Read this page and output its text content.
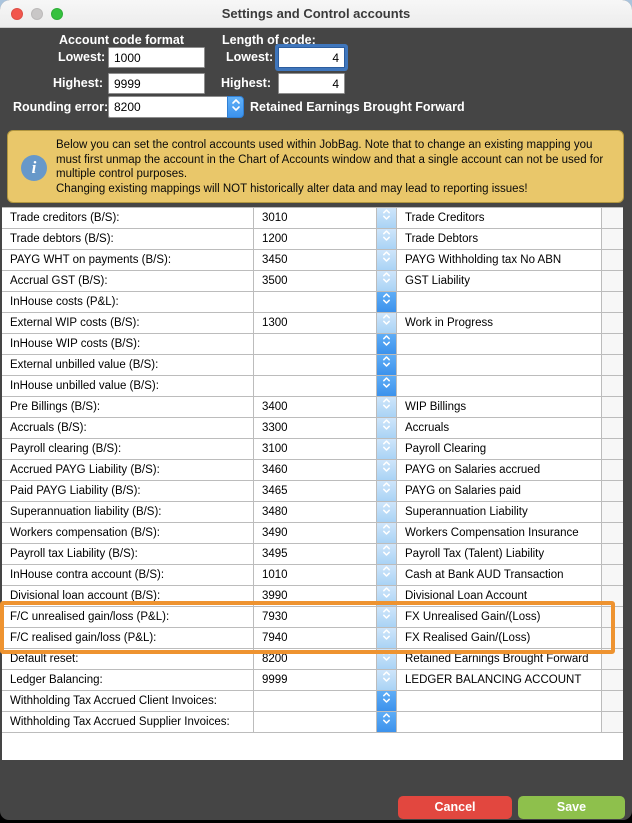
Settings and Control accounts
Account code format
Lowest:
1000
Highest:
9999
Length of code:
Lowest:
4
Highest:
4
Rounding error:
8200	Retained Earnings Brought Forward
i
Below you can set the control accounts used within JobBag. Note that to change an existing mapping you must first unmap the account in the Chart of Accounts window and that a single account can not be used for multiple control purposes.
Changing existing mappings will NOT historically alter data and may lead to reporting issues!
Trade creditors (B/S):	3010	Trade Creditors
Trade debtors (B/S):	1200	Trade Debtors
PAYG WHT on payments (B/S):	3450	PAYG Withholding tax No ABN
Accrual GST (B/S):	3500	GST Liability
InHouse costs (P&L):
External WIP costs (B/S):	1300	Work in Progress
InHouse WIP costs (B/S):
External unbilled value (B/S):
InHouse unbilled value (B/S):
Pre Billings (B/S):	3400	WIP Billings
Accruals (B/S):	3300	Accruals
Payroll clearing (B/S):	3100	Payroll Clearing
Accrued PAYG Liability (B/S):	3460	PAYG on Salaries accrued
Paid PAYG Liability (B/S):	3465	PAYG on Salaries paid
Superannuation liability (B/S):	3480	Superannuation Liability
Workers compensation (B/S):	3490	Workers Compensation Insurance
Payroll tax Liability (B/S):	3495	Payroll Tax (Talent) Liability
InHouse contra account (B/S):	1010	Cash at Bank AUD Transaction
Divisional loan account (B/S):	3990	Divisional Loan Account
F/C unrealised gain/loss (P&L):	7930	FX Unrealised Gain/(Loss)
F/C realised gain/loss (P&L):	7940	FX Realised Gain/(Loss)
Default reset:	8200	Retained Earnings Brought Forward
Ledger Balancing:	9999	LEDGER BALANCING ACCOUNT
Withholding Tax Accrued Client Invoices:
Withholding Tax Accrued Supplier Invoices:
Cancel	Save
